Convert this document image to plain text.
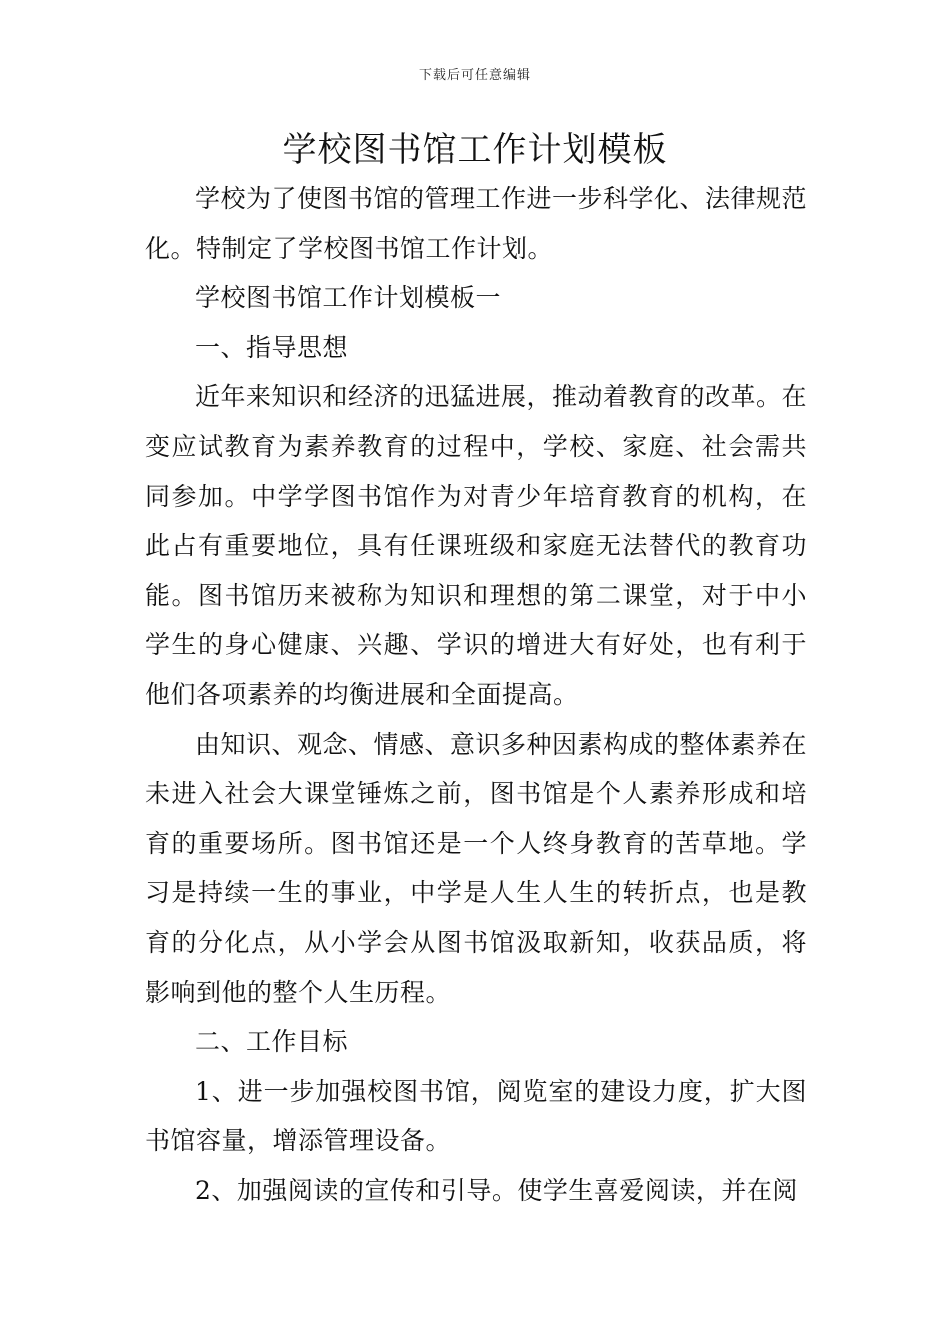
下载后可任意编辑
学校图书馆工作计划模板

学校为了使图书馆的管理工作进一步科学化、法律规范化。特制定了学校图书馆工作计划。

学校图书馆工作计划模板一

一、指导思想

近年来知识和经济的迅猛进展，推动着教育的改革。在变应试教育为素养教育的过程中，学校、家庭、社会需共同参加。中学学图书馆作为对青少年培育教育的机构，在此占有重要地位，具有任课班级和家庭无法替代的教育功能。图书馆历来被称为知识和理想的第二课堂，对于中小学生的身心健康、兴趣、学识的增进大有好处，也有利于他们各项素养的均衡进展和全面提高。

由知识、观念、情感、意识多种因素构成的整体素养在未进入社会大课堂锤炼之前，图书馆是个人素养形成和培育的重要场所。图书馆还是一个人终身教育的苦草地。学习是持续一生的事业，中学是人生人生的转折点，也是教育的分化点，从小学会从图书馆汲取新知，收获品质，将影响到他的整个人生历程。

二、工作目标

1、进一步加强校图书馆，阅览室的建设力度，扩大图书馆容量，增添管理设备。

2、加强阅读的宣传和引导。使学生喜爱阅读，并在阅
